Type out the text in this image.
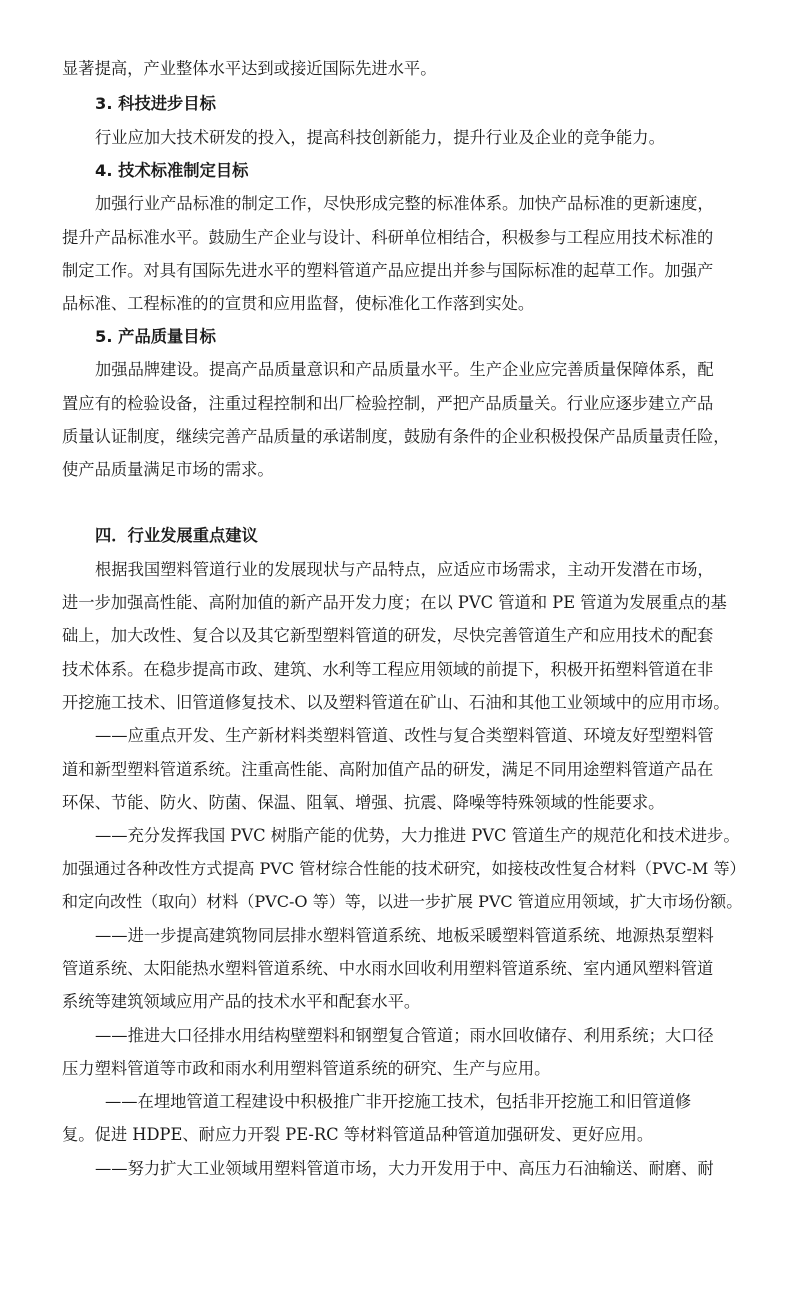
显著提高，产业整体水平达到或接近国际先进水平。
3. 科技进步目标
行业应加大技术研发的投入，提高科技创新能力，提升行业及企业的竞争能力。
4. 技术标准制定目标
加强行业产品标准的制定工作，尽快形成完整的标准体系。加快产品标准的更新速度，
提升产品标准水平。鼓励生产企业与设计、科研单位相结合，积极参与工程应用技术标准的
制定工作。对具有国际先进水平的塑料管道产品应提出并参与国际标准的起草工作。加强产
品标准、工程标准的的宣贯和应用监督，使标准化工作落到实处。
5. 产品质量目标
加强品牌建设。提高产品质量意识和产品质量水平。生产企业应完善质量保障体系，配
置应有的检验设备，注重过程控制和出厂检验控制，严把产品质量关。行业应逐步建立产品
质量认证制度，继续完善产品质量的承诺制度，鼓励有条件的企业积极投保产品质量责任险，
使产品质量满足市场的需求。
四．行业发展重点建议
根据我国塑料管道行业的发展现状与产品特点，应适应市场需求，主动开发潜在市场，
进一步加强高性能、高附加值的新产品开发力度；在以 PVC 管道和 PE 管道为发展重点的基
础上，加大改性、复合以及其它新型塑料管道的研发，尽快完善管道生产和应用技术的配套
技术体系。在稳步提高市政、建筑、水利等工程应用领域的前提下，积极开拓塑料管道在非
开挖施工技术、旧管道修复技术、以及塑料管道在矿山、石油和其他工业领域中的应用市场。
——应重点开发、生产新材料类塑料管道、改性与复合类塑料管道、环境友好型塑料管
道和新型塑料管道系统。注重高性能、高附加值产品的研发，满足不同用途塑料管道产品在
环保、节能、防火、防菌、保温、阻氧、增强、抗震、降噪等特殊领域的性能要求。
——充分发挥我国 PVC 树脂产能的优势，大力推进 PVC 管道生产的规范化和技术进步。
加强通过各种改性方式提高 PVC 管材综合性能的技术研究，如接枝改性复合材料（PVC-M 等）
和定向改性（取向）材料（PVC-O 等）等，以进一步扩展 PVC 管道应用领域，扩大市场份额。
——进一步提高建筑物同层排水塑料管道系统、地板采暖塑料管道系统、地源热泵塑料
管道系统、太阳能热水塑料管道系统、中水雨水回收利用塑料管道系统、室内通风塑料管道
系统等建筑领域应用产品的技术水平和配套水平。
——推进大口径排水用结构壁塑料和钢塑复合管道；雨水回收储存、利用系统；大口径
压力塑料管道等市政和雨水利用塑料管道系统的研究、生产与应用。
——在埋地管道工程建设中积极推广非开挖施工技术，包括非开挖施工和旧管道修
复。促进 HDPE、耐应力开裂 PE-RC 等材料管道品种管道加强研发、更好应用。
——努力扩大工业领域用塑料管道市场，大力开发用于中、高压力石油输送、耐磨、耐
